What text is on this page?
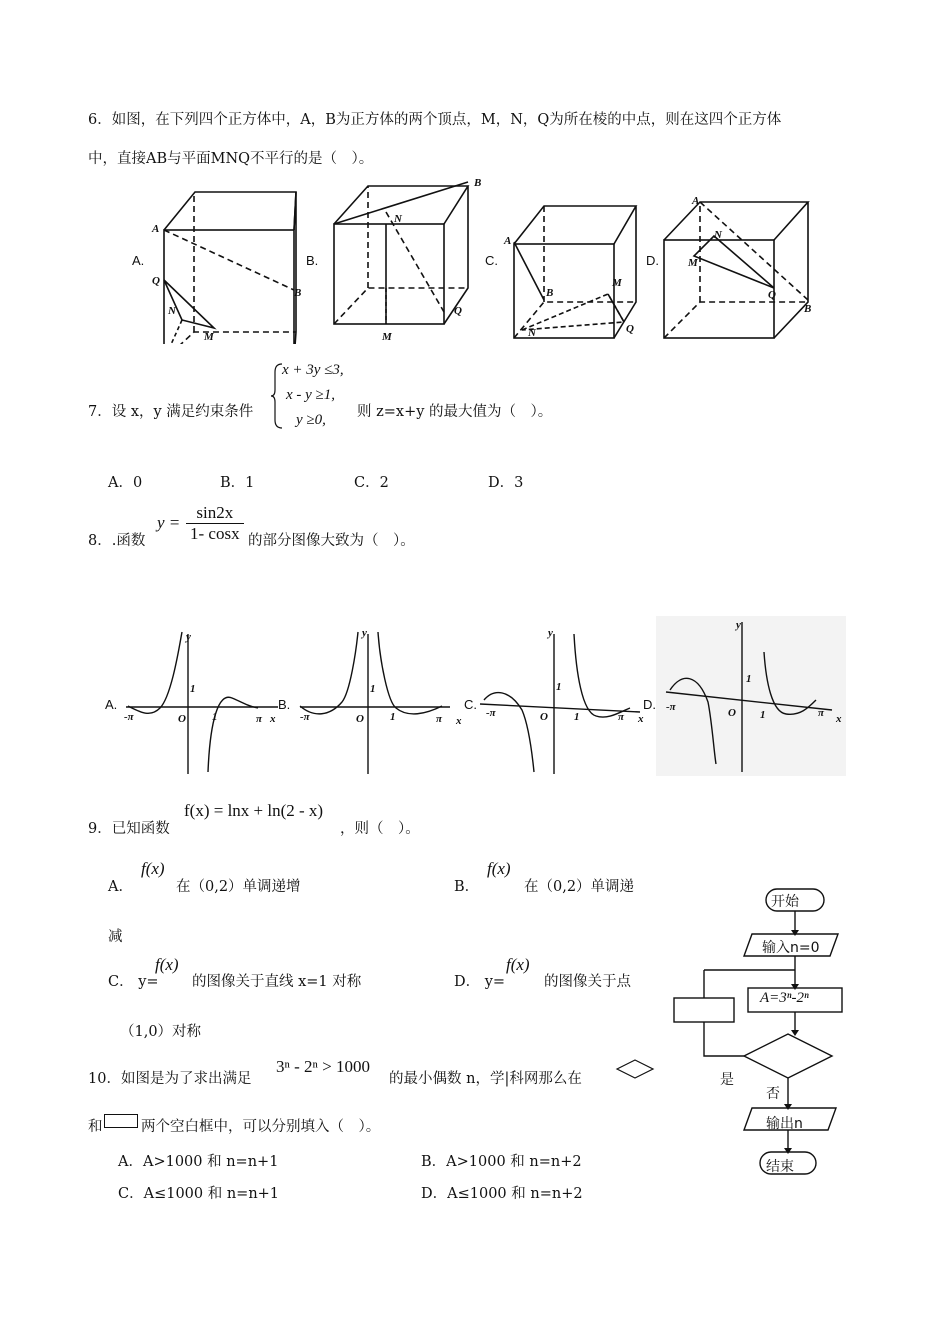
6．如图，在下列四个正方体中，A，B为正方体的两个顶点，M，N，Q为所在棱的中点，则在这四个正方体
中，直接AB与平面MNQ不平行的是（　）。
A
Q
N
M
B
B
N
M
Q
A
B
M
N	Q
A
N
M
Q
B
A.	B.	C.	D.
7．设 x，y 满足约束条件
x + 3y ≤3,
x - y ≥1,
y ≥0, 则 z=x+y 的最大值为（　）。
A．0	B．1	C．2	D．3
8．.函数
$y = \frac{\sin 2x}{1- \cos x}$ 的部分图像大致为（　）。
y
1
-π	O 1	π x
y
1
-π	O 1	π x
y
1
-π	O 1	π x
y
1
-π	O 1	π x
A.	B.	C.	D.
9．已知函数
f(x) = lnx + ln(2 - x)
，则（　）。
A．
f(x)
在（0,2）单调递增	B．
f(x)
在（0,2）单调递
减
C． y=
f(x)
的图像关于直线 x=1 对称	D． y=
f(x)
的图像关于点
（1,0）对称
10．如图是为了求出满足
3ⁿ - 2ⁿ > 1000
的最小偶数 n，学|科网那么在
和	两个空白框中，可以分别填入（　）。
A．A>1000 和 n=n+1	B．A>1000 和 n=n+2
C．A≤1000 和 n=n+1	D．A≤1000 和 n=n+2
开始
输入n=0
A=3ⁿ-2ⁿ
是
否
输出n
结束
